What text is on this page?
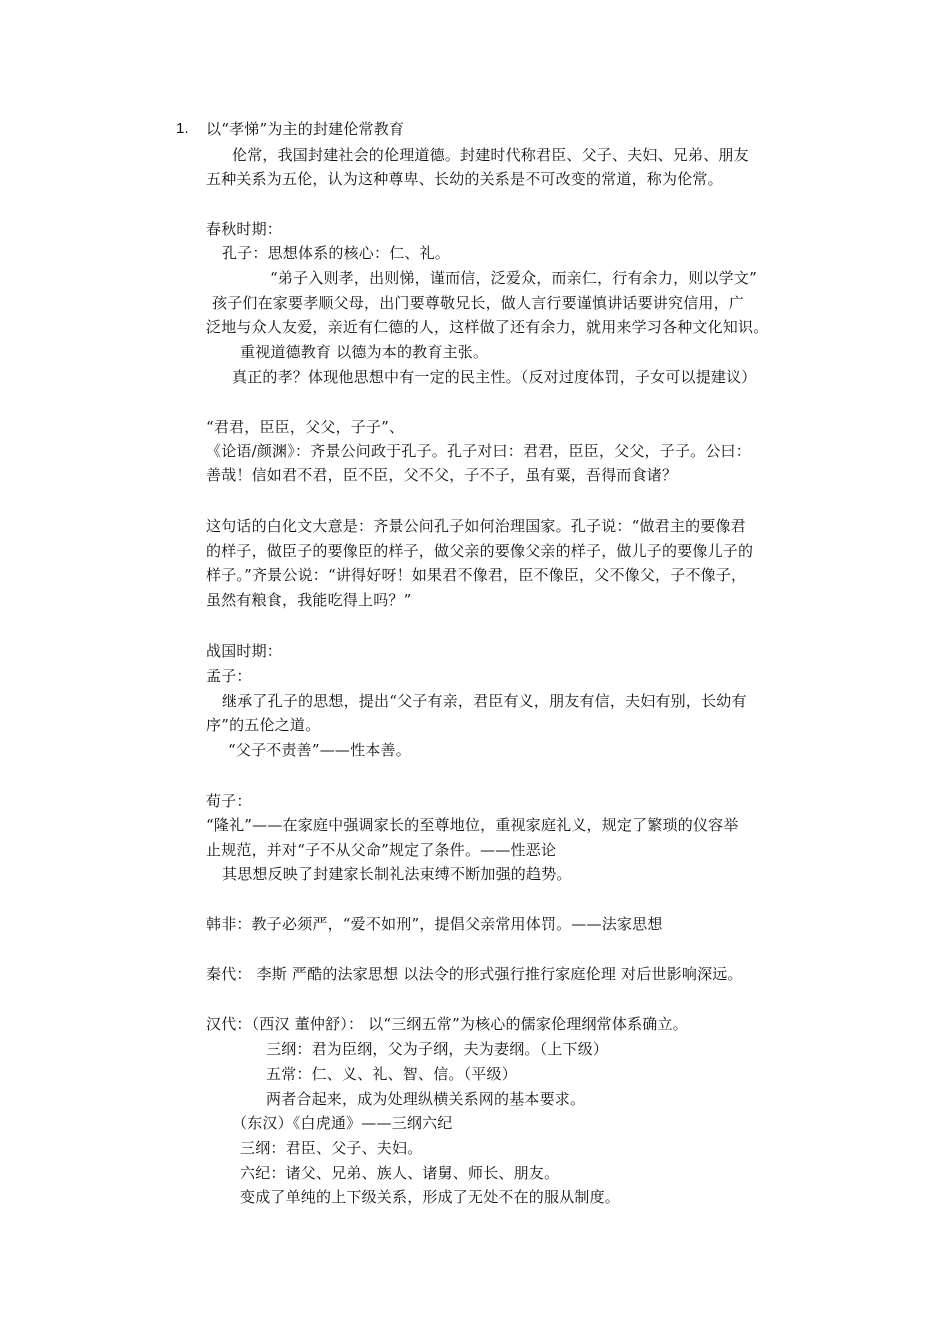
1. 以“孝悌”为主的封建伦常教育
伦常，我国封建社会的伦理道德。封建时代称君臣、父子、夫妇、兄弟、朋友
五种关系为五伦，认为这种尊卑、长幼的关系是不可改变的常道，称为伦常。
春秋时期：
孔子：思想体系的核心：仁、礼。
“弟子入则孝，出则悌，谨而信，泛爱众，而亲仁，行有余力，则以学文”
孩子们在家要孝顺父母，出门要尊敬兄长，做人言行要谨慎讲话要讲究信用，广
泛地与众人友爱，亲近有仁德的人，这样做了还有余力，就用来学习各种文化知识。
重视道德教育 以德为本的教育主张。
真正的孝？体现他思想中有一定的民主性。（反对过度体罚，子女可以提建议）
“君君，臣臣，父父，子子”、
《论语/颜渊》：齐景公问政于孔子。孔子对曰：君君，臣臣，父父，子子。公曰：
善哉！信如君不君，臣不臣，父不父，子不子，虽有粟，吾得而食诸？
这句话的白化文大意是：齐景公问孔子如何治理国家。孔子说：“做君主的要像君
的样子，做臣子的要像臣的样子，做父亲的要像父亲的样子，做儿子的要像儿子的
样子。”齐景公说：“讲得好呀！如果君不像君，臣不像臣，父不像父，子不像子，
虽然有粮食，我能吃得上吗？”
战国时期：
孟子：
继承了孔子的思想，提出“父子有亲，君臣有义，朋友有信，夫妇有别，长幼有
序”的五伦之道。
“父子不责善”——性本善。
荀子：
“隆礼”——在家庭中强调家长的至尊地位，重视家庭礼义，规定了繁琐的仪容举
止规范，并对“子不从父命”规定了条件。——性恶论
其思想反映了封建家长制礼法束缚不断加强的趋势。
韩非：教子必须严，“爱不如刑”，提倡父亲常用体罚。——法家思想
秦代： 李斯 严酷的法家思想 以法令的形式强行推行家庭伦理 对后世影响深远。
汉代：（西汉 董仲舒）： 以“三纲五常”为核心的儒家伦理纲常体系确立。
三纲：君为臣纲，父为子纲，夫为妻纲。（上下级）
五常：仁、义、礼、智、信。（平级）
两者合起来，成为处理纵横关系网的基本要求。
（东汉）《白虎通》——三纲六纪
三纲：君臣、父子、夫妇。
六纪：诸父、兄弟、族人、诸舅、师长、朋友。
变成了单纯的上下级关系，形成了无处不在的服从制度。
